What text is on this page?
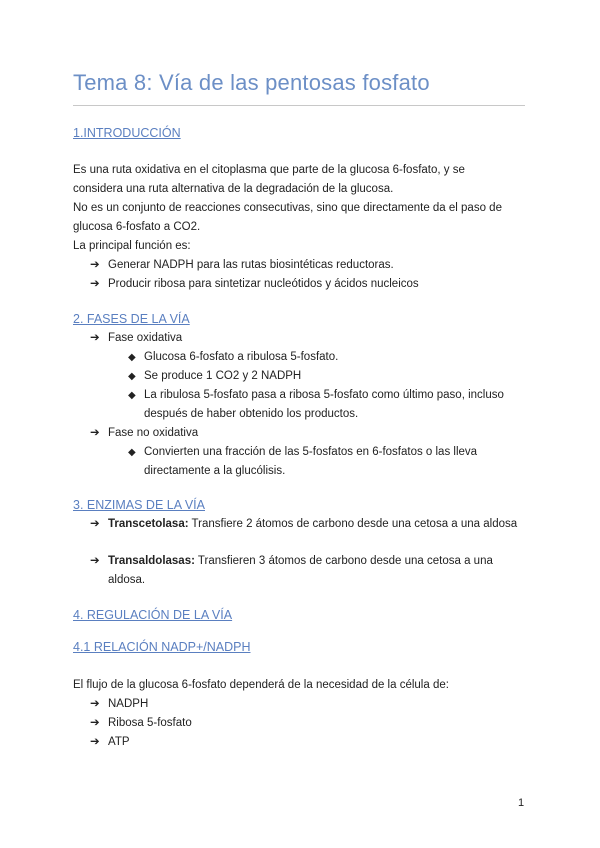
Tema 8: Vía de las pentosas fosfato
1.INTRODUCCIÓN
Es una ruta oxidativa en el citoplasma que parte de la glucosa 6-fosfato, y se
considera una ruta alternativa de la degradación de la glucosa.
No es un conjunto de reacciones consecutivas, sino que directamente da el paso de
glucosa 6-fosfato a CO2.
La principal función es:
➔ Generar NADPH para las rutas biosintéticas reductoras.
➔ Producir ribosa para sintetizar nucleótidos y ácidos nucleicos
2. FASES DE LA VÍA
➔ Fase oxidativa
◆ Glucosa 6-fosfato a ribulosa 5-fosfato.
◆ Se produce 1 CO2 y 2 NADPH
◆ La ribulosa 5-fosfato pasa a ribosa 5-fosfato como último paso, incluso después de haber obtenido los productos.
➔ Fase no oxidativa
◆ Convierten una fracción de las 5-fosfatos en 6-fosfatos o las lleva directamente a la glucólisis.
3. ENZIMAS DE LA VÍA
➔ Transcetolasa: Transfiere 2 átomos de carbono desde una cetosa a una aldosa
➔ Transaldolasas: Transfieren 3 átomos de carbono desde una cetosa a una aldosa.
4. REGULACIÓN DE LA VÍA
4.1 RELACIÓN NADP+/NADPH
El flujo de la glucosa 6-fosfato dependerá de la necesidad de la célula de:
➔ NADPH
➔ Ribosa 5-fosfato
➔ ATP
1
